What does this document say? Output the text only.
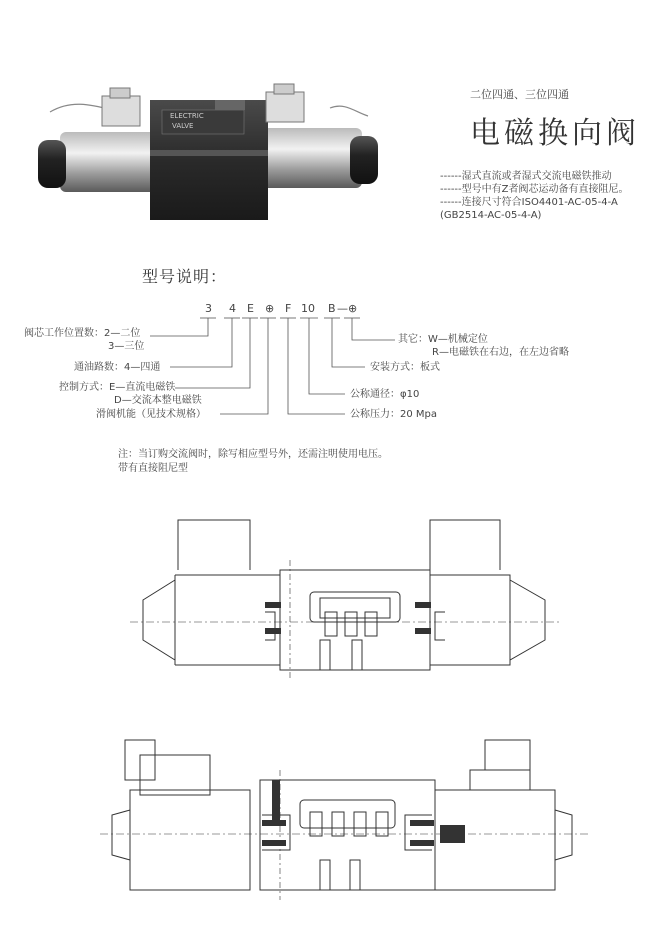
ELECTRIC
VALVE
二位四通、三位四通
电磁换向阀
------湿式直流或者湿式交流电磁铁推动
------型号中有Z者阀芯运动备有直接阻尼。
------连接尺寸符合ISO4401-AC-05-4-A
(GB2514-AC-05-4-A)
型号说明：
3 4 E ⊕ F 10 B — ⊕
阀芯工作位置数：2—二位
3—三位
通油路数：4—四通
控制方式：E—直流电磁铁
D—交流本整电磁铁
滑阀机能（见技术规格）
其它：W—机械定位
R—电磁铁在右边，在左边省略
安装方式：板式
公称通径：φ10
公称压力：20 Mpa
注：当订购交流阀时，除写相应型号外，还需注明使用电压。
带有直接阻尼型
